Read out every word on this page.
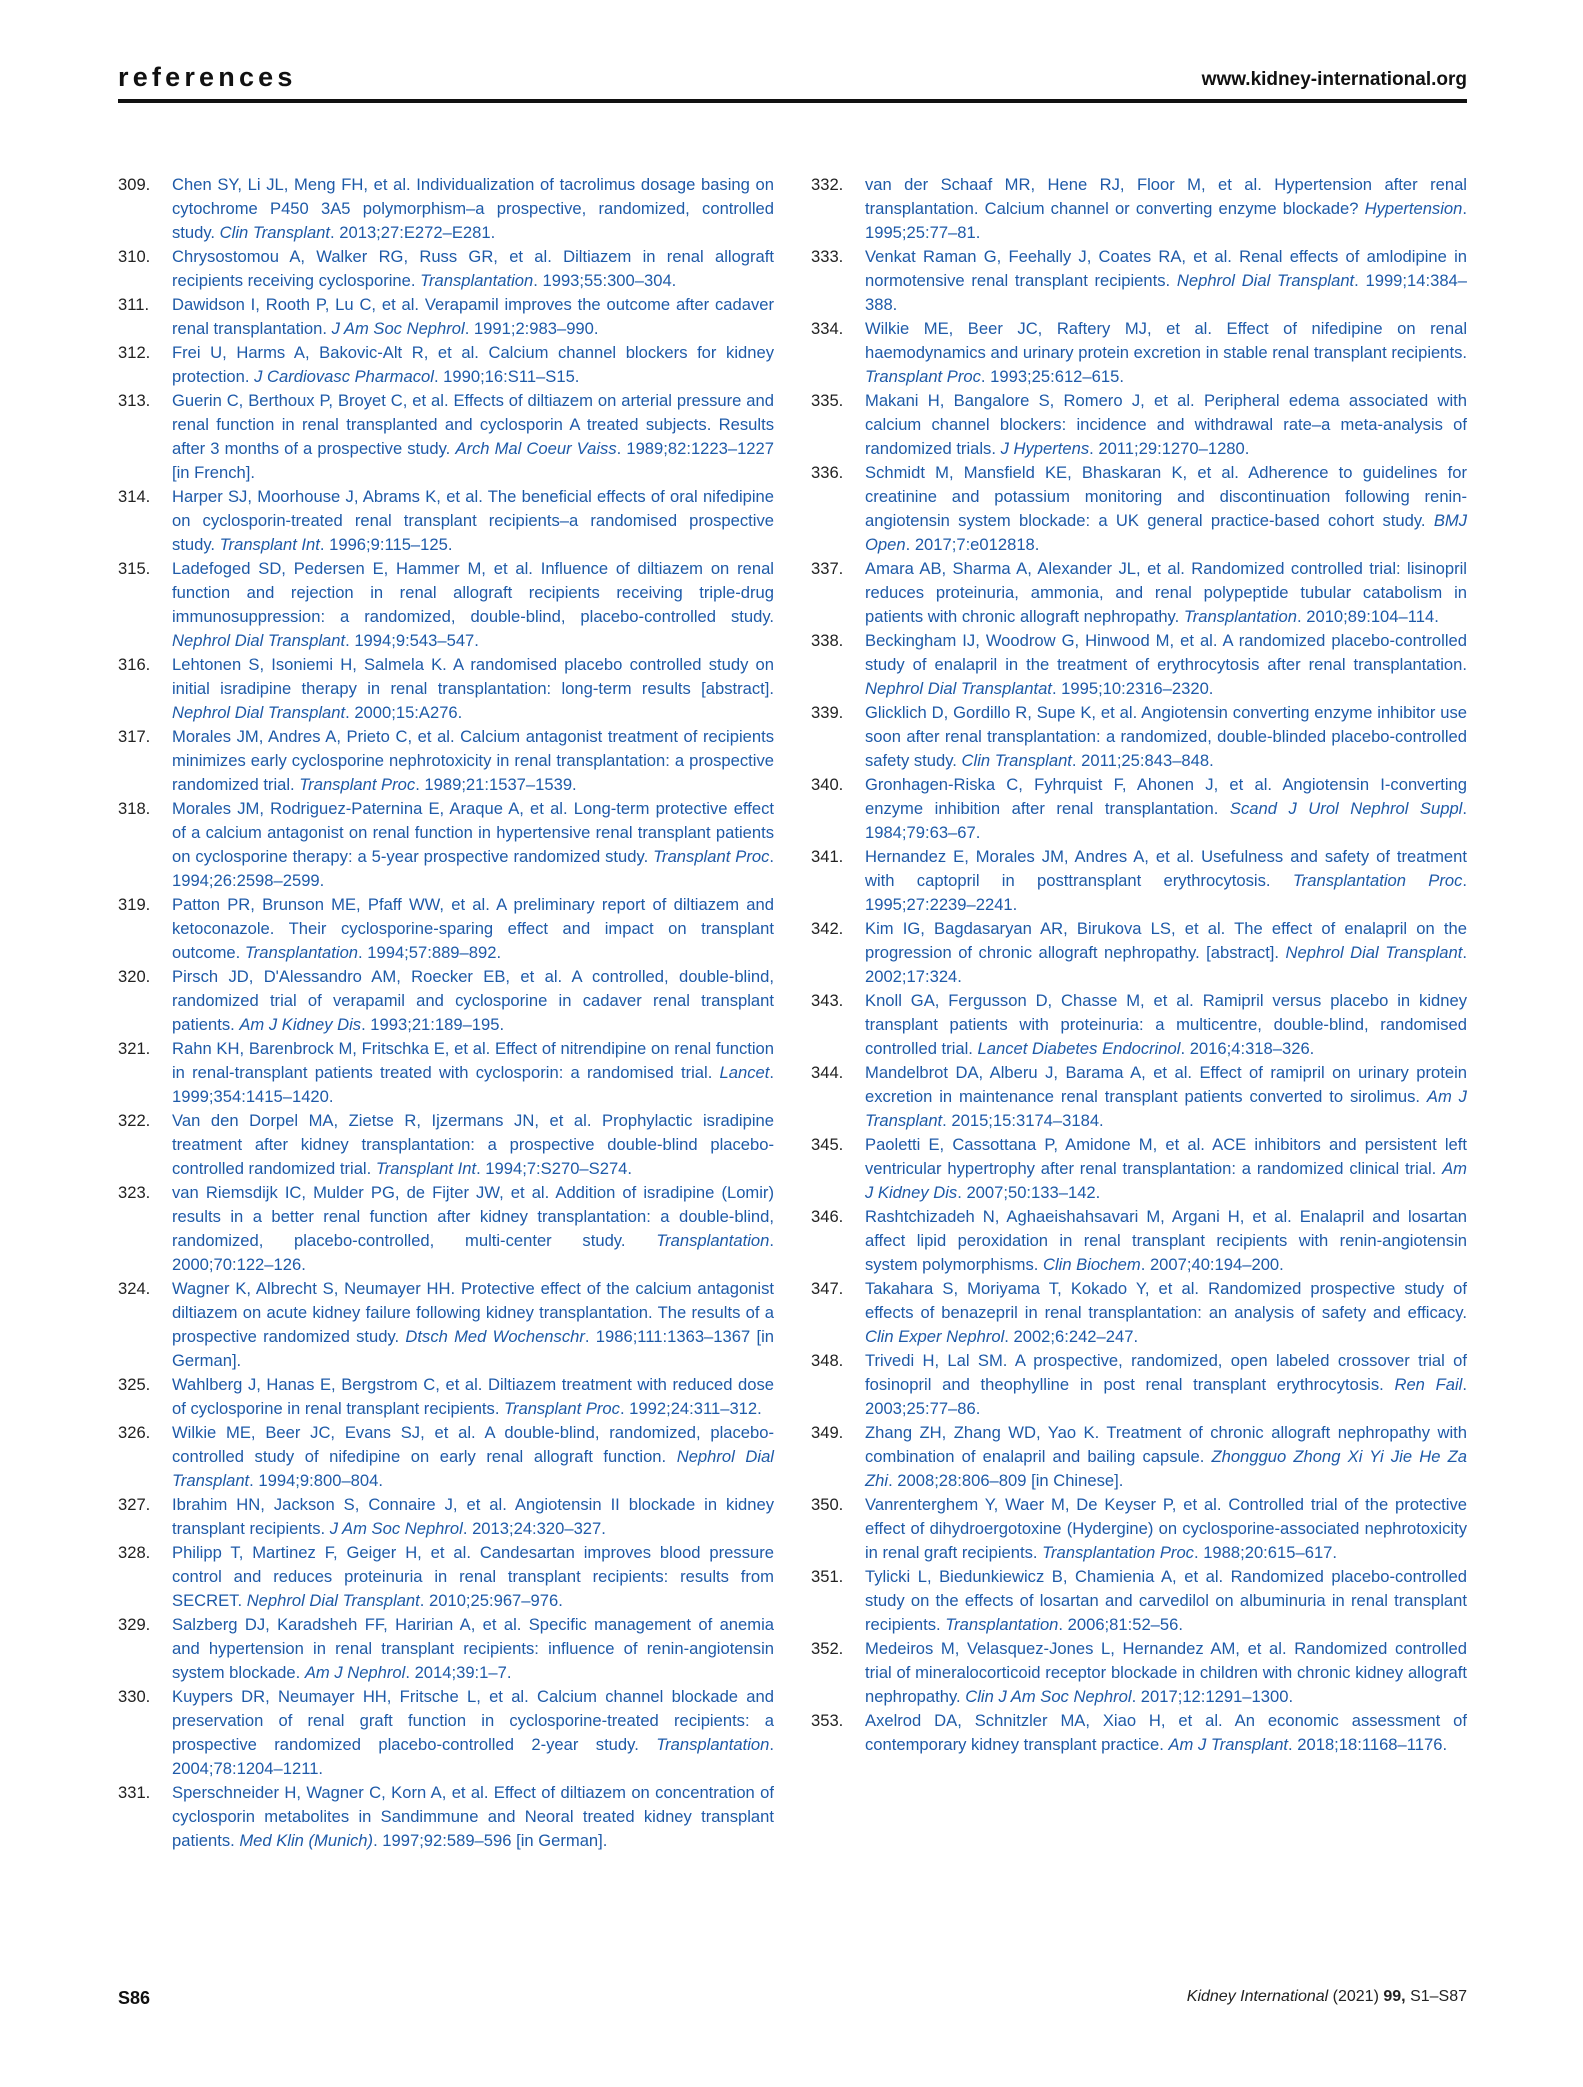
references	www.kidney-international.org
309.	Chen SY, Li JL, Meng FH, et al. Individualization of tacrolimus dosage basing on cytochrome P450 3A5 polymorphism–a prospective, randomized, controlled study. Clin Transplant. 2013;27:E272–E281.
310.	Chrysostomou A, Walker RG, Russ GR, et al. Diltiazem in renal allograft recipients receiving cyclosporine. Transplantation. 1993;55:300–304.
311.	Dawidson I, Rooth P, Lu C, et al. Verapamil improves the outcome after cadaver renal transplantation. J Am Soc Nephrol. 1991;2:983–990.
312.	Frei U, Harms A, Bakovic-Alt R, et al. Calcium channel blockers for kidney protection. J Cardiovasc Pharmacol. 1990;16:S11–S15.
313.	Guerin C, Berthoux P, Broyet C, et al. Effects of diltiazem on arterial pressure and renal function in renal transplanted and cyclosporin A treated subjects. Results after 3 months of a prospective study. Arch Mal Coeur Vaiss. 1989;82:1223–1227 [in French].
314.	Harper SJ, Moorhouse J, Abrams K, et al. The beneficial effects of oral nifedipine on cyclosporin-treated renal transplant recipients–a randomised prospective study. Transplant Int. 1996;9:115–125.
315.	Ladefoged SD, Pedersen E, Hammer M, et al. Influence of diltiazem on renal function and rejection in renal allograft recipients receiving triple-drug immunosuppression: a randomized, double-blind, placebo-controlled study. Nephrol Dial Transplant. 1994;9:543–547.
316.	Lehtonen S, Isoniemi H, Salmela K. A randomised placebo controlled study on initial isradipine therapy in renal transplantation: long-term results [abstract]. Nephrol Dial Transplant. 2000;15:A276.
317.	Morales JM, Andres A, Prieto C, et al. Calcium antagonist treatment of recipients minimizes early cyclosporine nephrotoxicity in renal transplantation: a prospective randomized trial. Transplant Proc. 1989;21:1537–1539.
318.	Morales JM, Rodriguez-Paternina E, Araque A, et al. Long-term protective effect of a calcium antagonist on renal function in hypertensive renal transplant patients on cyclosporine therapy: a 5-year prospective randomized study. Transplant Proc. 1994;26:2598–2599.
319.	Patton PR, Brunson ME, Pfaff WW, et al. A preliminary report of diltiazem and ketoconazole. Their cyclosporine-sparing effect and impact on transplant outcome. Transplantation. 1994;57:889–892.
320.	Pirsch JD, D'Alessandro AM, Roecker EB, et al. A controlled, double-blind, randomized trial of verapamil and cyclosporine in cadaver renal transplant patients. Am J Kidney Dis. 1993;21:189–195.
321.	Rahn KH, Barenbrock M, Fritschka E, et al. Effect of nitrendipine on renal function in renal-transplant patients treated with cyclosporin: a randomised trial. Lancet. 1999;354:1415–1420.
322.	Van den Dorpel MA, Zietse R, Ijzermans JN, et al. Prophylactic isradipine treatment after kidney transplantation: a prospective double-blind placebo-controlled randomized trial. Transplant Int. 1994;7:S270–S274.
323.	van Riemsdijk IC, Mulder PG, de Fijter JW, et al. Addition of isradipine (Lomir) results in a better renal function after kidney transplantation: a double-blind, randomized, placebo-controlled, multi-center study. Transplantation. 2000;70:122–126.
324.	Wagner K, Albrecht S, Neumayer HH. Protective effect of the calcium antagonist diltiazem on acute kidney failure following kidney transplantation. The results of a prospective randomized study. Dtsch Med Wochenschr. 1986;111:1363–1367 [in German].
325.	Wahlberg J, Hanas E, Bergstrom C, et al. Diltiazem treatment with reduced dose of cyclosporine in renal transplant recipients. Transplant Proc. 1992;24:311–312.
326.	Wilkie ME, Beer JC, Evans SJ, et al. A double-blind, randomized, placebo-controlled study of nifedipine on early renal allograft function. Nephrol Dial Transplant. 1994;9:800–804.
327.	Ibrahim HN, Jackson S, Connaire J, et al. Angiotensin II blockade in kidney transplant recipients. J Am Soc Nephrol. 2013;24:320–327.
328.	Philipp T, Martinez F, Geiger H, et al. Candesartan improves blood pressure control and reduces proteinuria in renal transplant recipients: results from SECRET. Nephrol Dial Transplant. 2010;25:967–976.
329.	Salzberg DJ, Karadsheh FF, Haririan A, et al. Specific management of anemia and hypertension in renal transplant recipients: influence of renin-angiotensin system blockade. Am J Nephrol. 2014;39:1–7.
330.	Kuypers DR, Neumayer HH, Fritsche L, et al. Calcium channel blockade and preservation of renal graft function in cyclosporine-treated recipients: a prospective randomized placebo-controlled 2-year study. Transplantation. 2004;78:1204–1211.
331.	Sperschneider H, Wagner C, Korn A, et al. Effect of diltiazem on concentration of cyclosporin metabolites in Sandimmune and Neoral treated kidney transplant patients. Med Klin (Munich). 1997;92:589–596 [in German].
332.	van der Schaaf MR, Hene RJ, Floor M, et al. Hypertension after renal transplantation. Calcium channel or converting enzyme blockade? Hypertension. 1995;25:77–81.
333.	Venkat Raman G, Feehally J, Coates RA, et al. Renal effects of amlodipine in normotensive renal transplant recipients. Nephrol Dial Transplant. 1999;14:384–388.
334.	Wilkie ME, Beer JC, Raftery MJ, et al. Effect of nifedipine on renal haemodynamics and urinary protein excretion in stable renal transplant recipients. Transplant Proc. 1993;25:612–615.
335.	Makani H, Bangalore S, Romero J, et al. Peripheral edema associated with calcium channel blockers: incidence and withdrawal rate–a meta-analysis of randomized trials. J Hypertens. 2011;29:1270–1280.
336.	Schmidt M, Mansfield KE, Bhaskaran K, et al. Adherence to guidelines for creatinine and potassium monitoring and discontinuation following renin-angiotensin system blockade: a UK general practice-based cohort study. BMJ Open. 2017;7:e012818.
337.	Amara AB, Sharma A, Alexander JL, et al. Randomized controlled trial: lisinopril reduces proteinuria, ammonia, and renal polypeptide tubular catabolism in patients with chronic allograft nephropathy. Transplantation. 2010;89:104–114.
338.	Beckingham IJ, Woodrow G, Hinwood M, et al. A randomized placebo-controlled study of enalapril in the treatment of erythrocytosis after renal transplantation. Nephrol Dial Transplantat. 1995;10:2316–2320.
339.	Glicklich D, Gordillo R, Supe K, et al. Angiotensin converting enzyme inhibitor use soon after renal transplantation: a randomized, double-blinded placebo-controlled safety study. Clin Transplant. 2011;25:843–848.
340.	Gronhagen-Riska C, Fyhrquist F, Ahonen J, et al. Angiotensin I-converting enzyme inhibition after renal transplantation. Scand J Urol Nephrol Suppl. 1984;79:63–67.
341.	Hernandez E, Morales JM, Andres A, et al. Usefulness and safety of treatment with captopril in posttransplant erythrocytosis. Transplantation Proc. 1995;27:2239–2241.
342.	Kim IG, Bagdasaryan AR, Birukova LS, et al. The effect of enalapril on the progression of chronic allograft nephropathy. [abstract]. Nephrol Dial Transplant. 2002;17:324.
343.	Knoll GA, Fergusson D, Chasse M, et al. Ramipril versus placebo in kidney transplant patients with proteinuria: a multicentre, double-blind, randomised controlled trial. Lancet Diabetes Endocrinol. 2016;4:318–326.
344.	Mandelbrot DA, Alberu J, Barama A, et al. Effect of ramipril on urinary protein excretion in maintenance renal transplant patients converted to sirolimus. Am J Transplant. 2015;15:3174–3184.
345.	Paoletti E, Cassottana P, Amidone M, et al. ACE inhibitors and persistent left ventricular hypertrophy after renal transplantation: a randomized clinical trial. Am J Kidney Dis. 2007;50:133–142.
346.	Rashtchizadeh N, Aghaeishahsavari M, Argani H, et al. Enalapril and losartan affect lipid peroxidation in renal transplant recipients with renin-angiotensin system polymorphisms. Clin Biochem. 2007;40:194–200.
347.	Takahara S, Moriyama T, Kokado Y, et al. Randomized prospective study of effects of benazepril in renal transplantation: an analysis of safety and efficacy. Clin Exper Nephrol. 2002;6:242–247.
348.	Trivedi H, Lal SM. A prospective, randomized, open labeled crossover trial of fosinopril and theophylline in post renal transplant erythrocytosis. Ren Fail. 2003;25:77–86.
349.	Zhang ZH, Zhang WD, Yao K. Treatment of chronic allograft nephropathy with combination of enalapril and bailing capsule. Zhongguo Zhong Xi Yi Jie He Za Zhi. 2008;28:806–809 [in Chinese].
350.	Vanrenterghem Y, Waer M, De Keyser P, et al. Controlled trial of the protective effect of dihydroergotoxine (Hydergine) on cyclosporine-associated nephrotoxicity in renal graft recipients. Transplantation Proc. 1988;20:615–617.
351.	Tylicki L, Biedunkiewicz B, Chamienia A, et al. Randomized placebo-controlled study on the effects of losartan and carvedilol on albuminuria in renal transplant recipients. Transplantation. 2006;81:52–56.
352.	Medeiros M, Velasquez-Jones L, Hernandez AM, et al. Randomized controlled trial of mineralocorticoid receptor blockade in children with chronic kidney allograft nephropathy. Clin J Am Soc Nephrol. 2017;12:1291–1300.
353.	Axelrod DA, Schnitzler MA, Xiao H, et al. An economic assessment of contemporary kidney transplant practice. Am J Transplant. 2018;18:1168–1176.
S86	Kidney International (2021) 99, S1–S87
